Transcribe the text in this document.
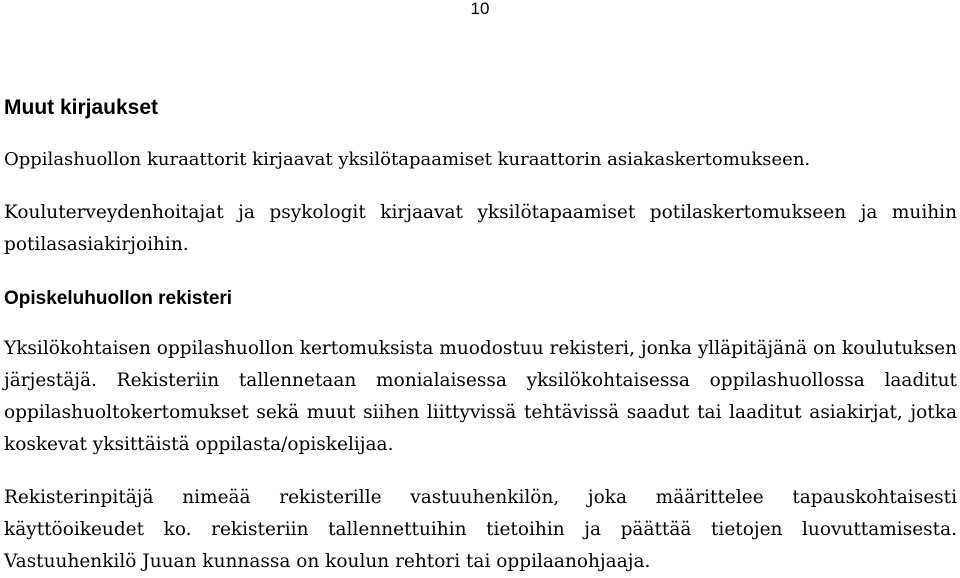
10
Muut kirjaukset

Oppilashuollon kuraattorit kirjaavat yksilötapaamiset kuraattorin asiakaskertomukseen.

Kouluterveydenhoitajat ja psykologit kirjaavat yksilötapaamiset potilaskertomukseen ja muihin potilasasiakirjoihin.

Opiskeluhuollon rekisteri

Yksilökohtaisen oppilashuollon kertomuksista muodostuu rekisteri, jonka ylläpitäjänä on koulutuksen järjestäjä. Rekisteriin tallennetaan monialaisessa yksilökohtaisessa oppilashuollossa laaditut oppilashuoltokertomukset sekä muut siihen liittyvissä tehtävissä saadut tai laaditut asiakirjat, jotka koskevat yksittäistä oppilasta/opiskelijaa.

Rekisterinpitäjä nimeää rekisterille vastuuhenkilön, joka määrittelee tapauskohtaisesti käyttöoikeudet ko. rekisteriin tallennettuihin tietoihin ja päättää tietojen luovuttamisesta. Vastuuhenkilö Juuan kunnassa on koulun rehtori tai oppilaanohjaaja.
